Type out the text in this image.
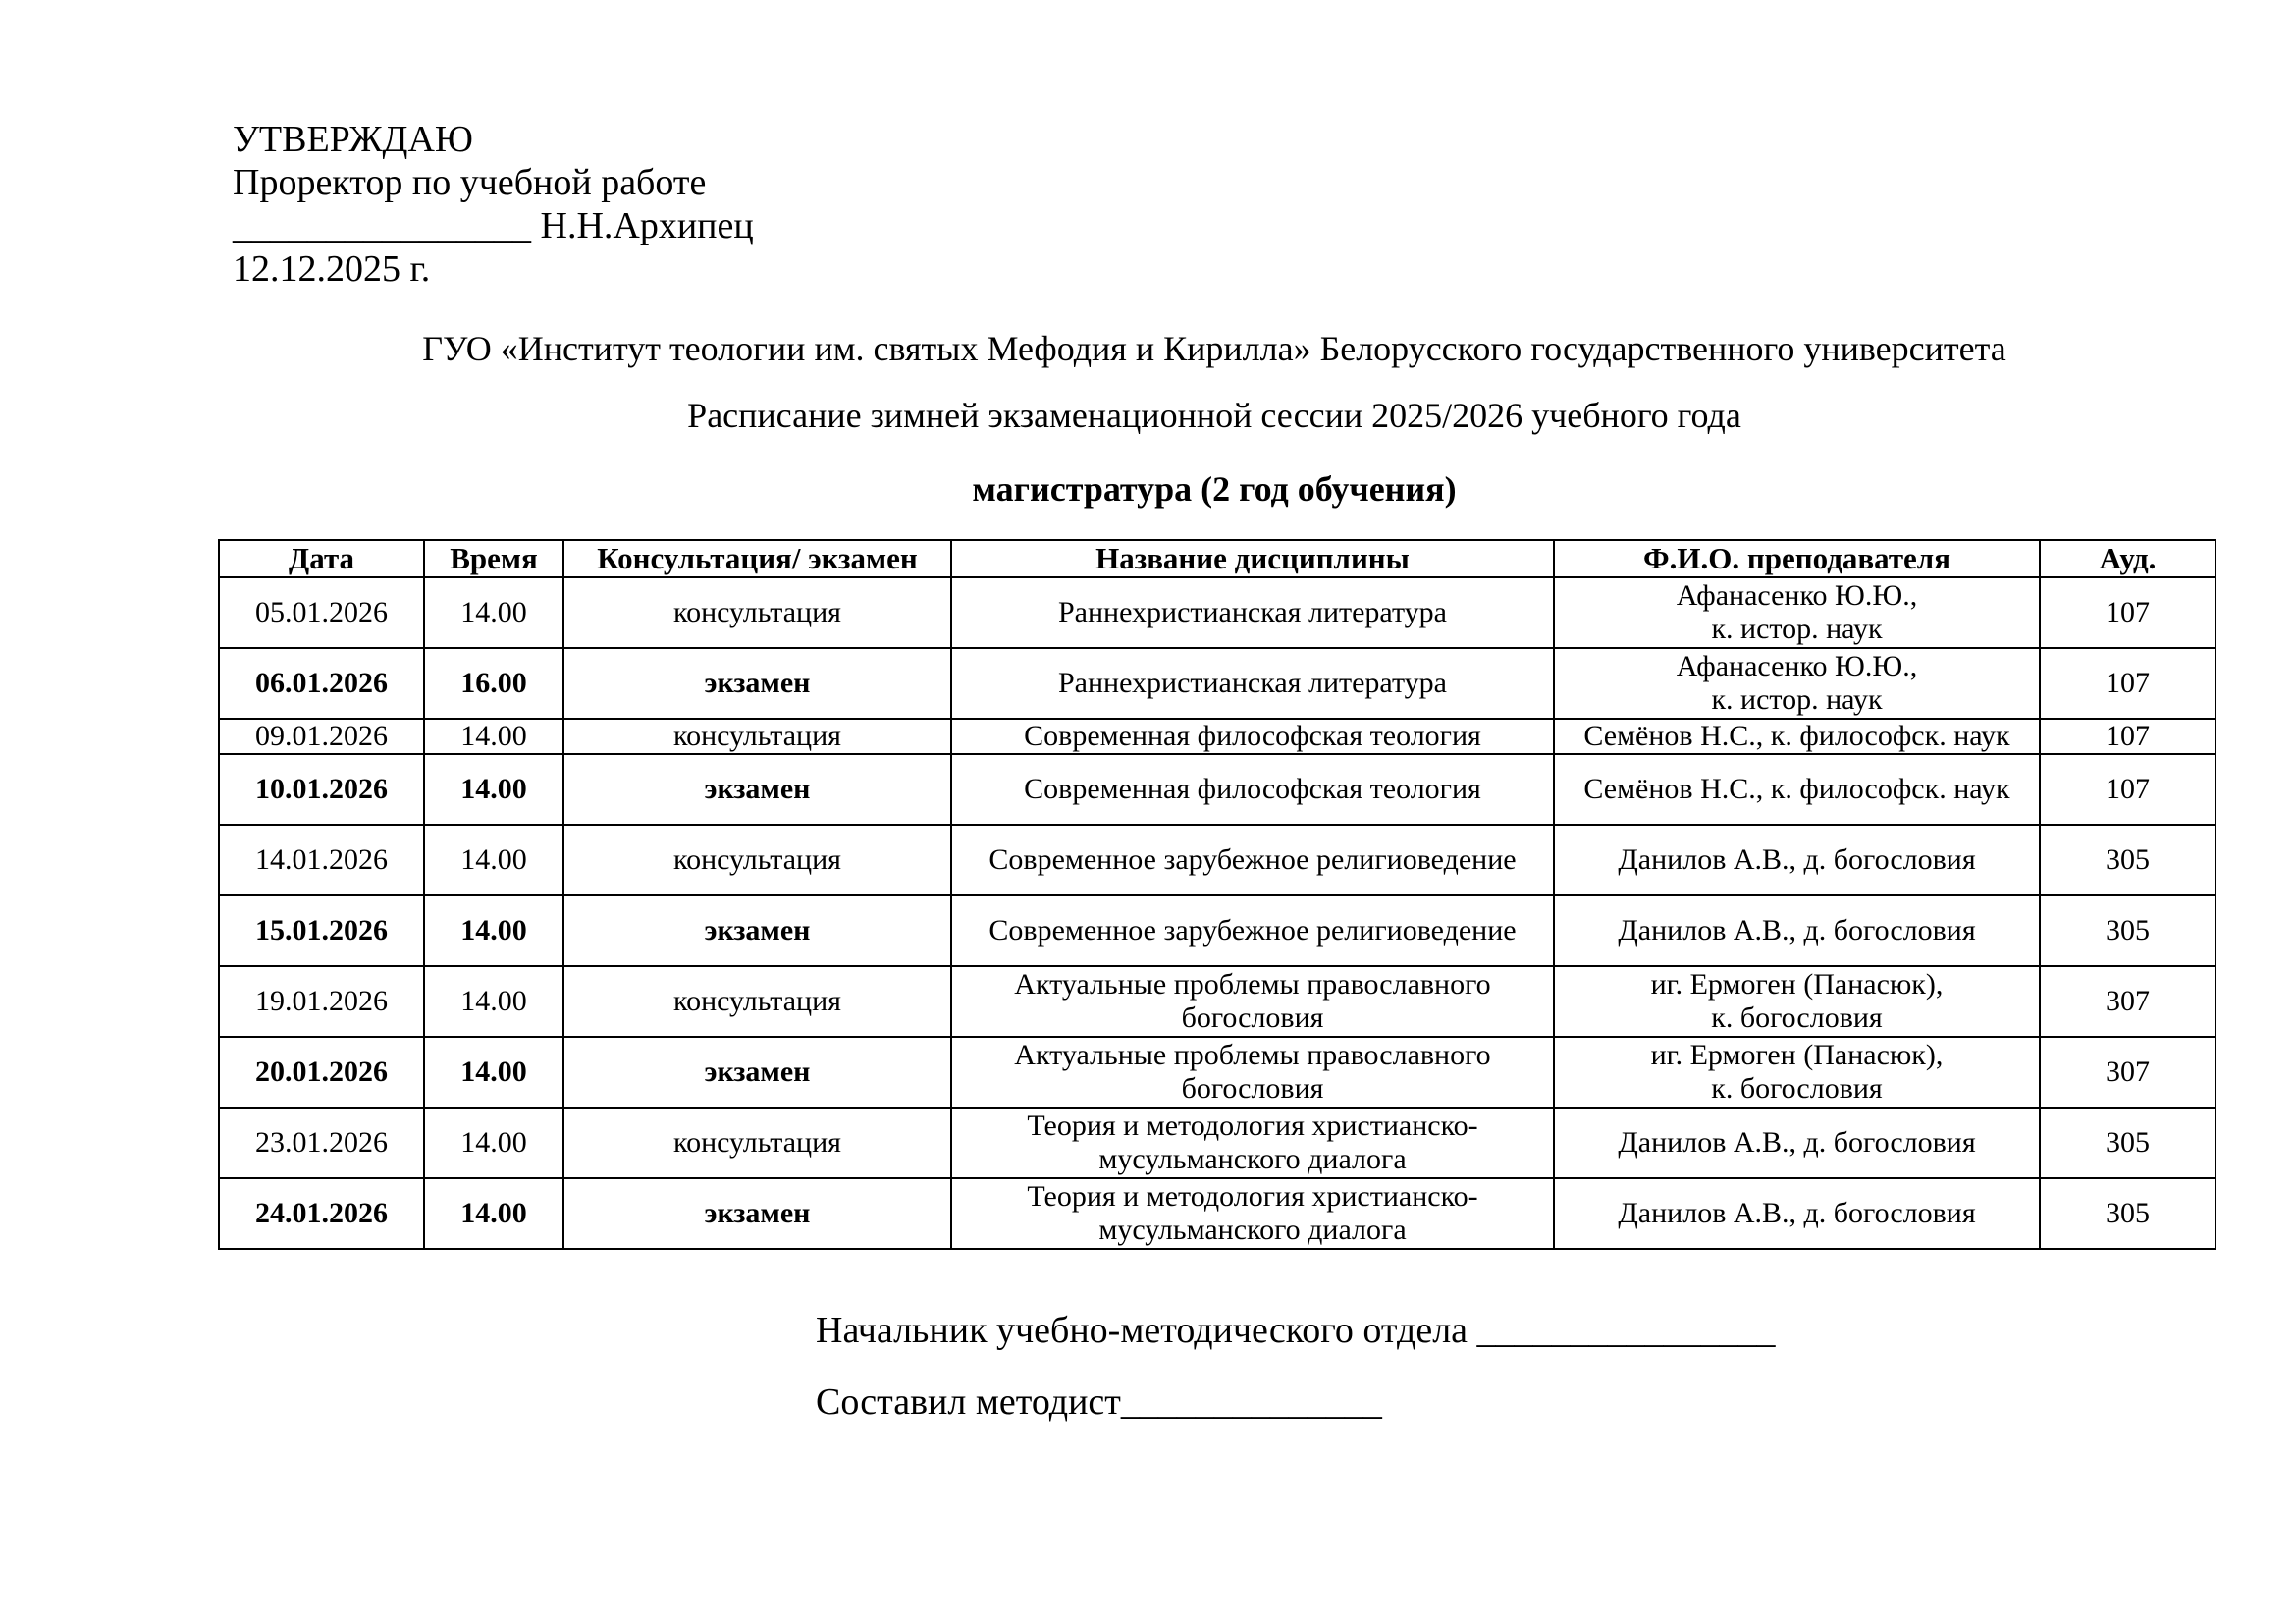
УТВЕРЖДАЮ
Проректор по учебной работе
________________ Н.Н.Архипец
12.12.2025 г.
ГУО «Институт теологии им. святых Мефодия и Кирилла» Белорусского государственного университета
Расписание зимней экзаменационной сессии 2025/2026 учебного года
магистратура (2 год обучения)
Дата	Время	Консультация/ экзамен	Название дисциплины	Ф.И.О. преподавателя	Ауд.

05.01.2026	14.00	консультация	Раннехристианская литература	Афанасенко Ю.Ю.,
к. истор. наук	107

06.01.2026	16.00	экзамен	Раннехристианская литература	Афанасенко Ю.Ю.,
к. истор. наук	107

09.01.2026	14.00	консультация	Современная философская теология	Семёнов Н.С., к. философск. наук	107

10.01.2026	14.00	экзамен	Современная философская теология	Семёнов Н.С., к. философск. наук	107

14.01.2026	14.00	консультация	Современное зарубежное религиоведение	Данилов А.В., д. богословия	305

15.01.2026	14.00	экзамен	Современное зарубежное религиоведение	Данилов А.В., д. богословия	305

19.01.2026	14.00	консультация	Актуальные проблемы православного
богословия	иг. Ермоген (Панасюк),
к. богословия	307

20.01.2026	14.00	экзамен	Актуальные проблемы православного
богословия	иг. Ермоген (Панасюк),
к. богословия	307

23.01.2026	14.00	консультация	Теория и методология христианско-
мусульманского диалога	Данилов А.В., д. богословия	305

24.01.2026	14.00	экзамен	Теория и методология христианско-
мусульманского диалога	Данилов А.В., д. богословия	305
Начальник учебно-методического отдела ________________
Составил методист______________
